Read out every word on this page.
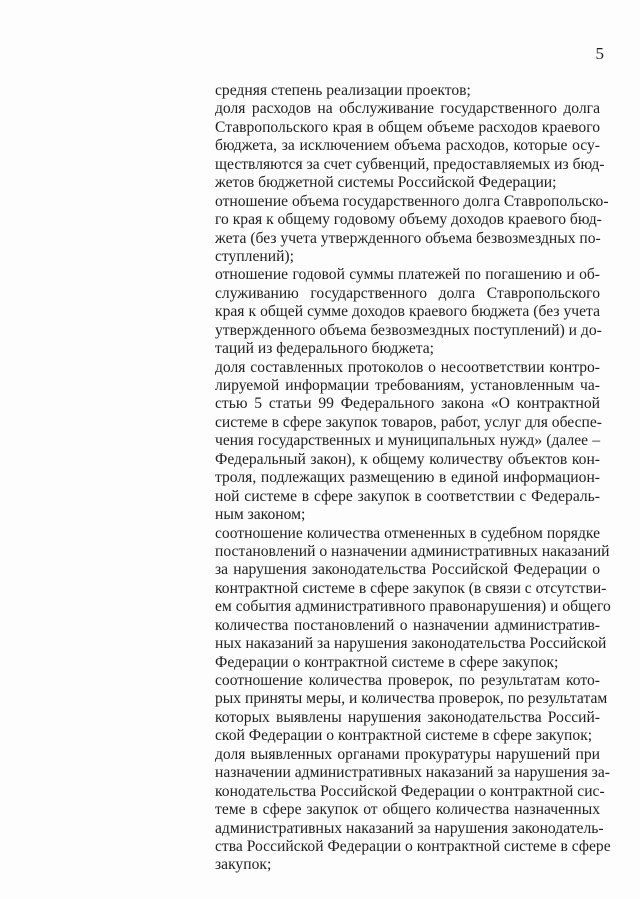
5
средняя степень реализации проектов;
доля расходов на обслуживание государственного долга
Ставропольского края в общем объеме расходов краевого
бюджета, за исключением объема расходов, которые осу-
ществляются за счет субвенций, предоставляемых из бюд-
жетов бюджетной системы Российской Федерации;
отношение объема государственного долга Ставропольско-
го края к общему годовому объему доходов краевого бюд-
жета (без учета утвержденного объема безвозмездных по-
ступлений);
отношение годовой суммы платежей по погашению и об-
служиванию государственного долга Ставропольского
края к общей сумме доходов краевого бюджета (без учета
утвержденного объема безвозмездных поступлений) и до-
таций из федерального бюджета;
доля составленных протоколов о несоответствии контро-
лируемой информации требованиям, установленным ча-
стью 5 статьи 99 Федерального закона «О контрактной
системе в сфере закупок товаров, работ, услуг для обеспе-
чения государственных и муниципальных нужд» (далее –
Федеральный закон), к общему количеству объектов кон-
троля, подлежащих размещению в единой информацион-
ной системе в сфере закупок в соответствии с Федераль-
ным законом;
соотношение количества отмененных в судебном порядке
постановлений о назначении административных наказаний
за нарушения законодательства Российской Федерации о
контрактной системе в сфере закупок (в связи с отсутстви-
ем события административного правонарушения) и общего
количества постановлений о назначении административ-
ных наказаний за нарушения законодательства Российской
Федерации о контрактной системе в сфере закупок;
соотношение количества проверок, по результатам кото-
рых приняты меры, и количества проверок, по результатам
которых выявлены нарушения законодательства Россий-
ской Федерации о контрактной системе в сфере закупок;
доля выявленных органами прокуратуры нарушений при
назначении административных наказаний за нарушения за-
конодательства Российской Федерации о контрактной сис-
теме в сфере закупок от общего количества назначенных
административных наказаний за нарушения законодатель-
ства Российской Федерации о контрактной системе в сфере
закупок;
